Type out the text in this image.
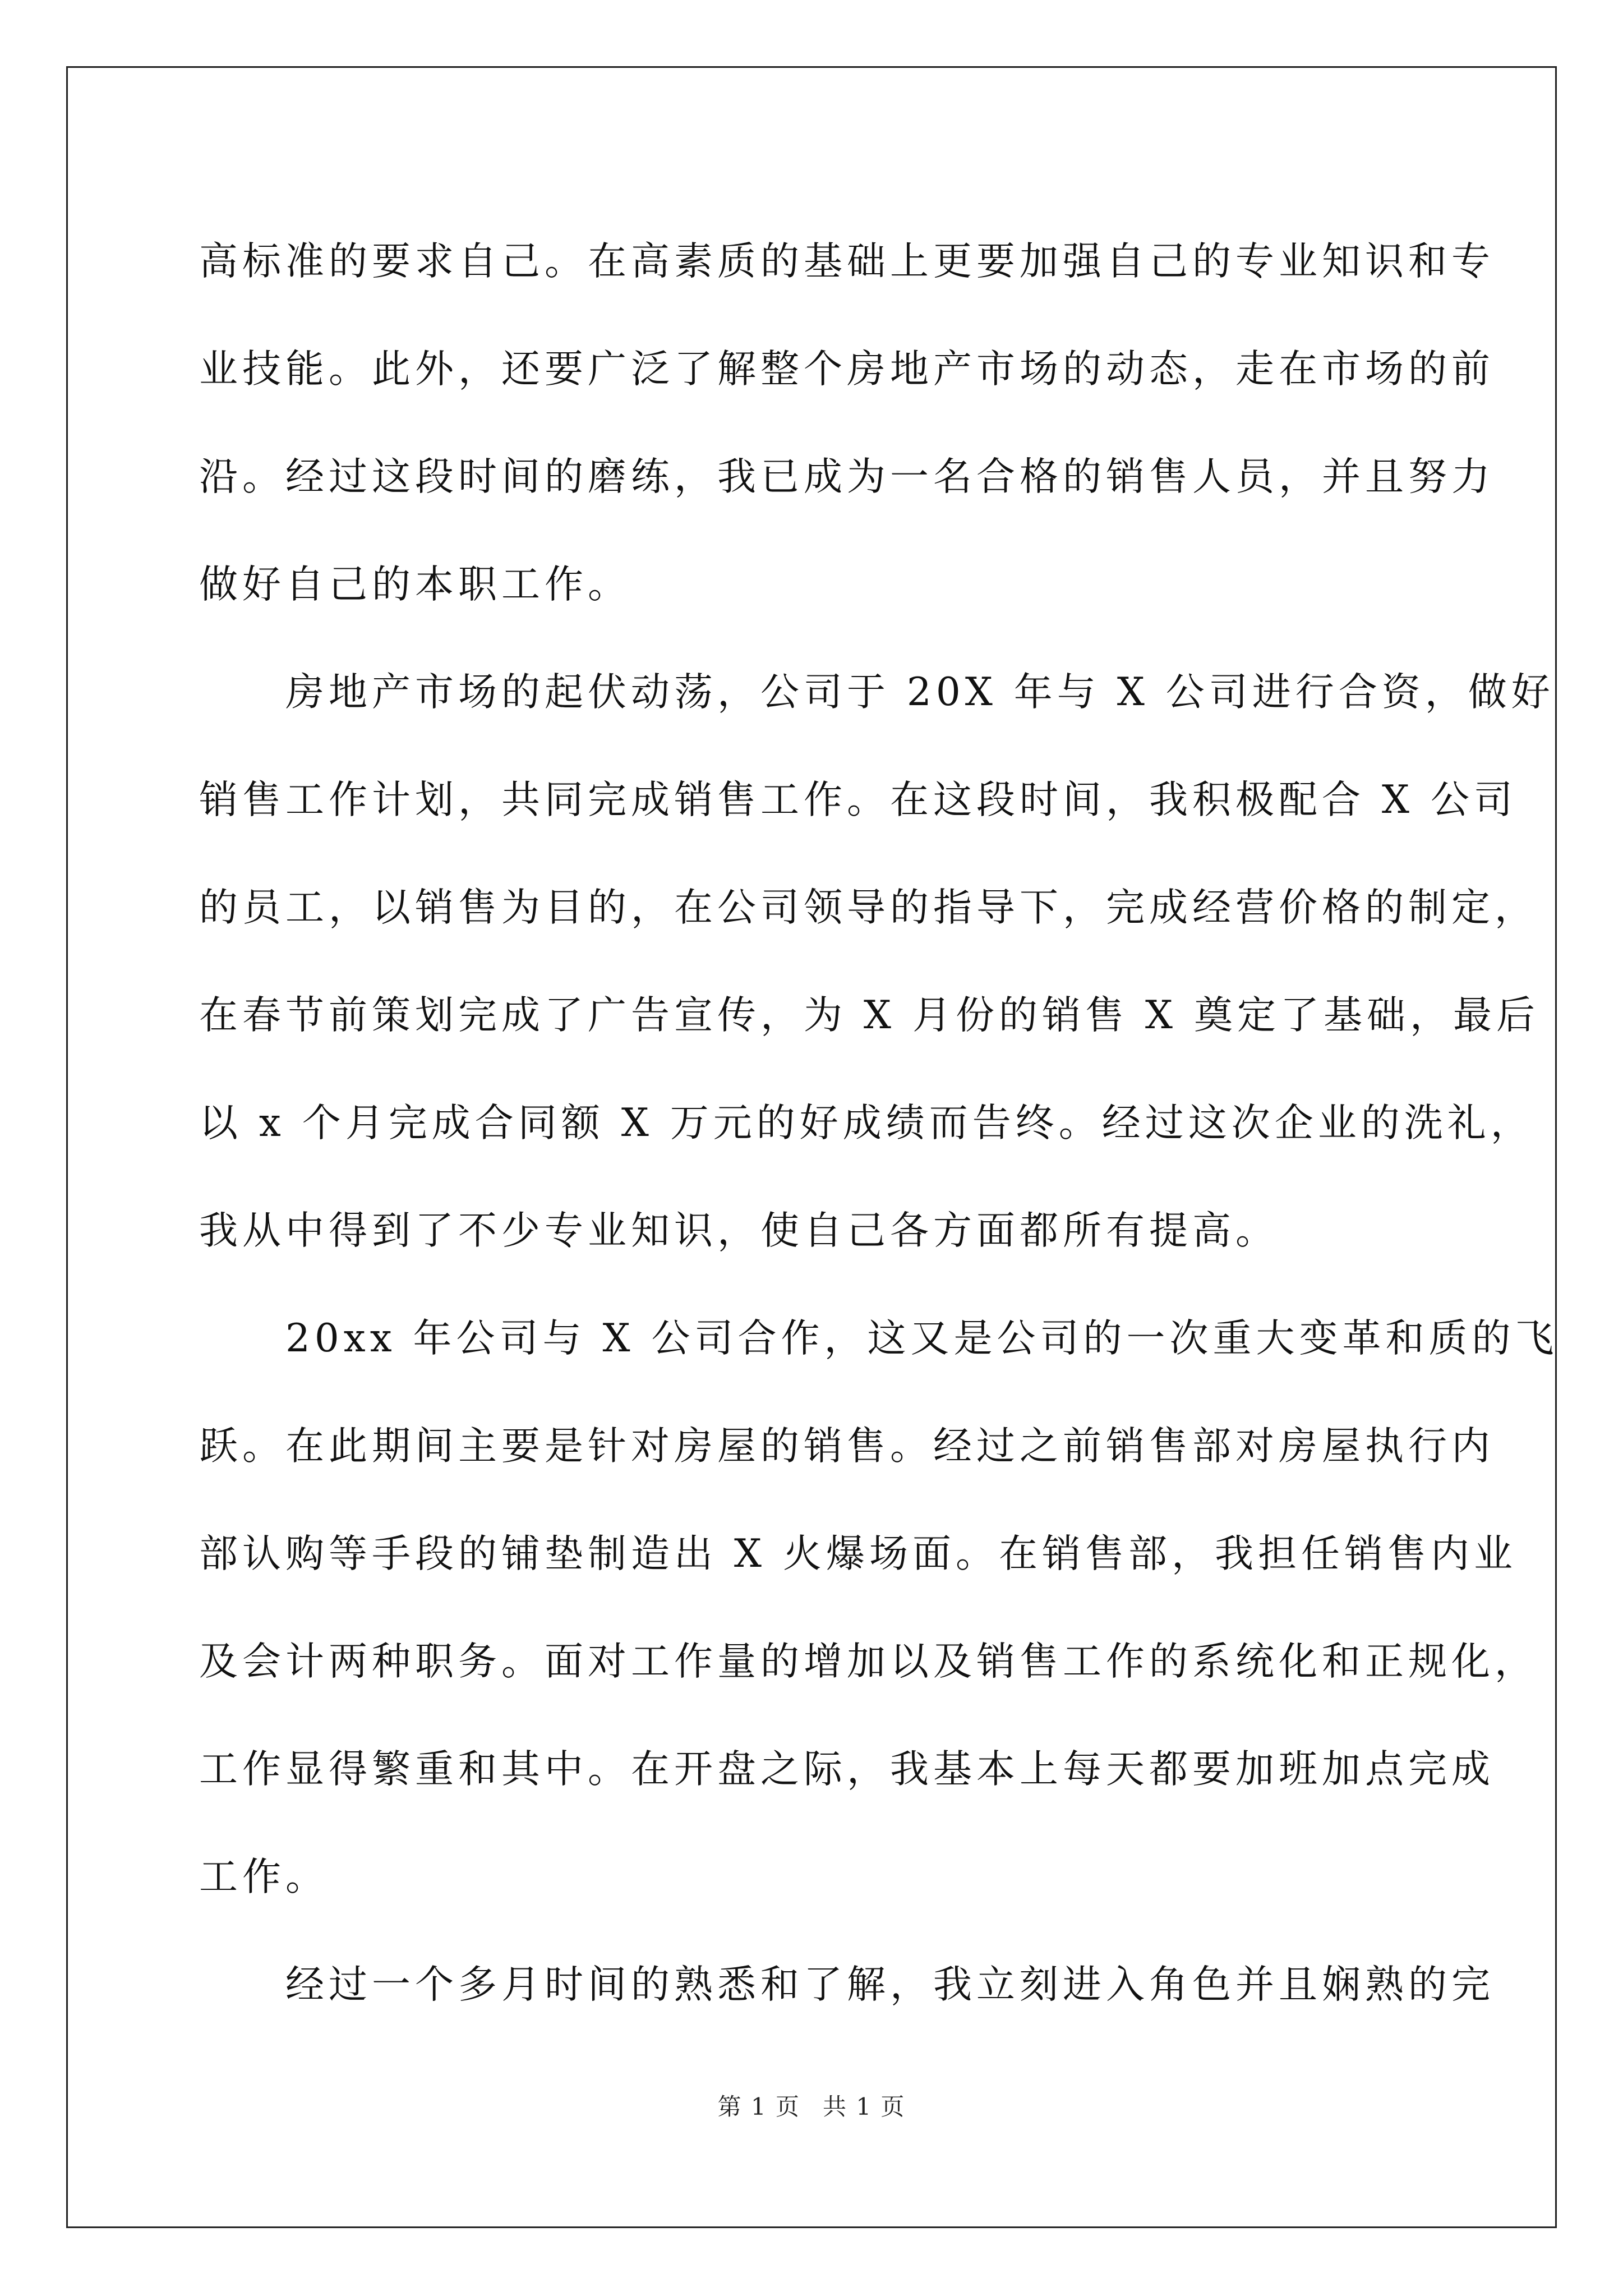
高标准的要求自己。在高素质的基础上更要加强自己的专业知识和专
业技能。此外，还要广泛了解整个房地产市场的动态，走在市场的前
沿。经过这段时间的磨练，我已成为一名合格的销售人员，并且努力
做好自己的本职工作。

　　房地产市场的起伏动荡，公司于 20X 年与 X 公司进行合资，做好
销售工作计划，共同完成销售工作。在这段时间，我积极配合 X 公司
的员工，以销售为目的，在公司领导的指导下，完成经营价格的制定，
在春节前策划完成了广告宣传，为 X 月份的销售 X 奠定了基础，最后
以 x 个月完成合同额 X 万元的好成绩而告终。经过这次企业的洗礼，
我从中得到了不少专业知识，使自己各方面都所有提高。

　　20xx 年公司与 X 公司合作，这又是公司的一次重大变革和质的飞
跃。在此期间主要是针对房屋的销售。经过之前销售部对房屋执行内
部认购等手段的铺垫制造出 X 火爆场面。在销售部，我担任销售内业
及会计两种职务。面对工作量的增加以及销售工作的系统化和正规化，
工作显得繁重和其中。在开盘之际，我基本上每天都要加班加点完成
工作。

　　经过一个多月时间的熟悉和了解，我立刻进入角色并且娴熟的完

第 1 页 共 1 页
